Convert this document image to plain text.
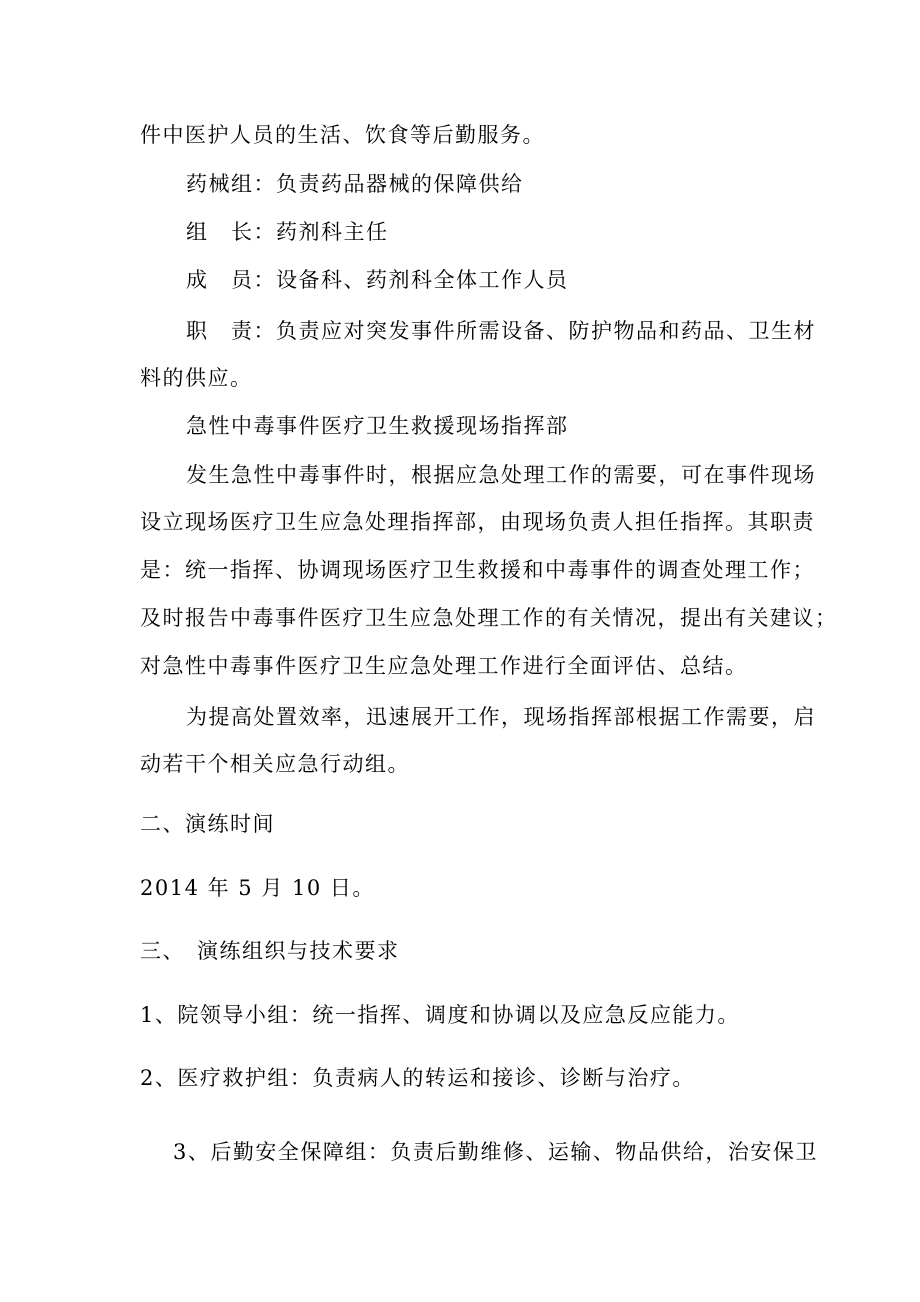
件中医护人员的生活、饮食等后勤服务。
药械组：负责药品器械的保障供给
组　长：药剂科主任
成　员：设备科、药剂科全体工作人员
职　责：负责应对突发事件所需设备、防护物品和药品、卫生材
料的供应。
急性中毒事件医疗卫生救援现场指挥部
发生急性中毒事件时，根据应急处理工作的需要，可在事件现场
设立现场医疗卫生应急处理指挥部，由现场负责人担任指挥。其职责
是：统一指挥、协调现场医疗卫生救援和中毒事件的调查处理工作；
及时报告中毒事件医疗卫生应急处理工作的有关情况，提出有关建议；
对急性中毒事件医疗卫生应急处理工作进行全面评估、总结。
为提高处置效率，迅速展开工作，现场指挥部根据工作需要，启
动若干个相关应急行动组。
二、演练时间
2014 年 5 月 10 日。
三、　演练组织与技术要求
1、院领导小组：统一指挥、调度和协调以及应急反应能力。
2、医疗救护组：负责病人的转运和接诊、诊断与治疗。
3、后勤安全保障组：负责后勤维修、运输、物品供给，治安保卫
